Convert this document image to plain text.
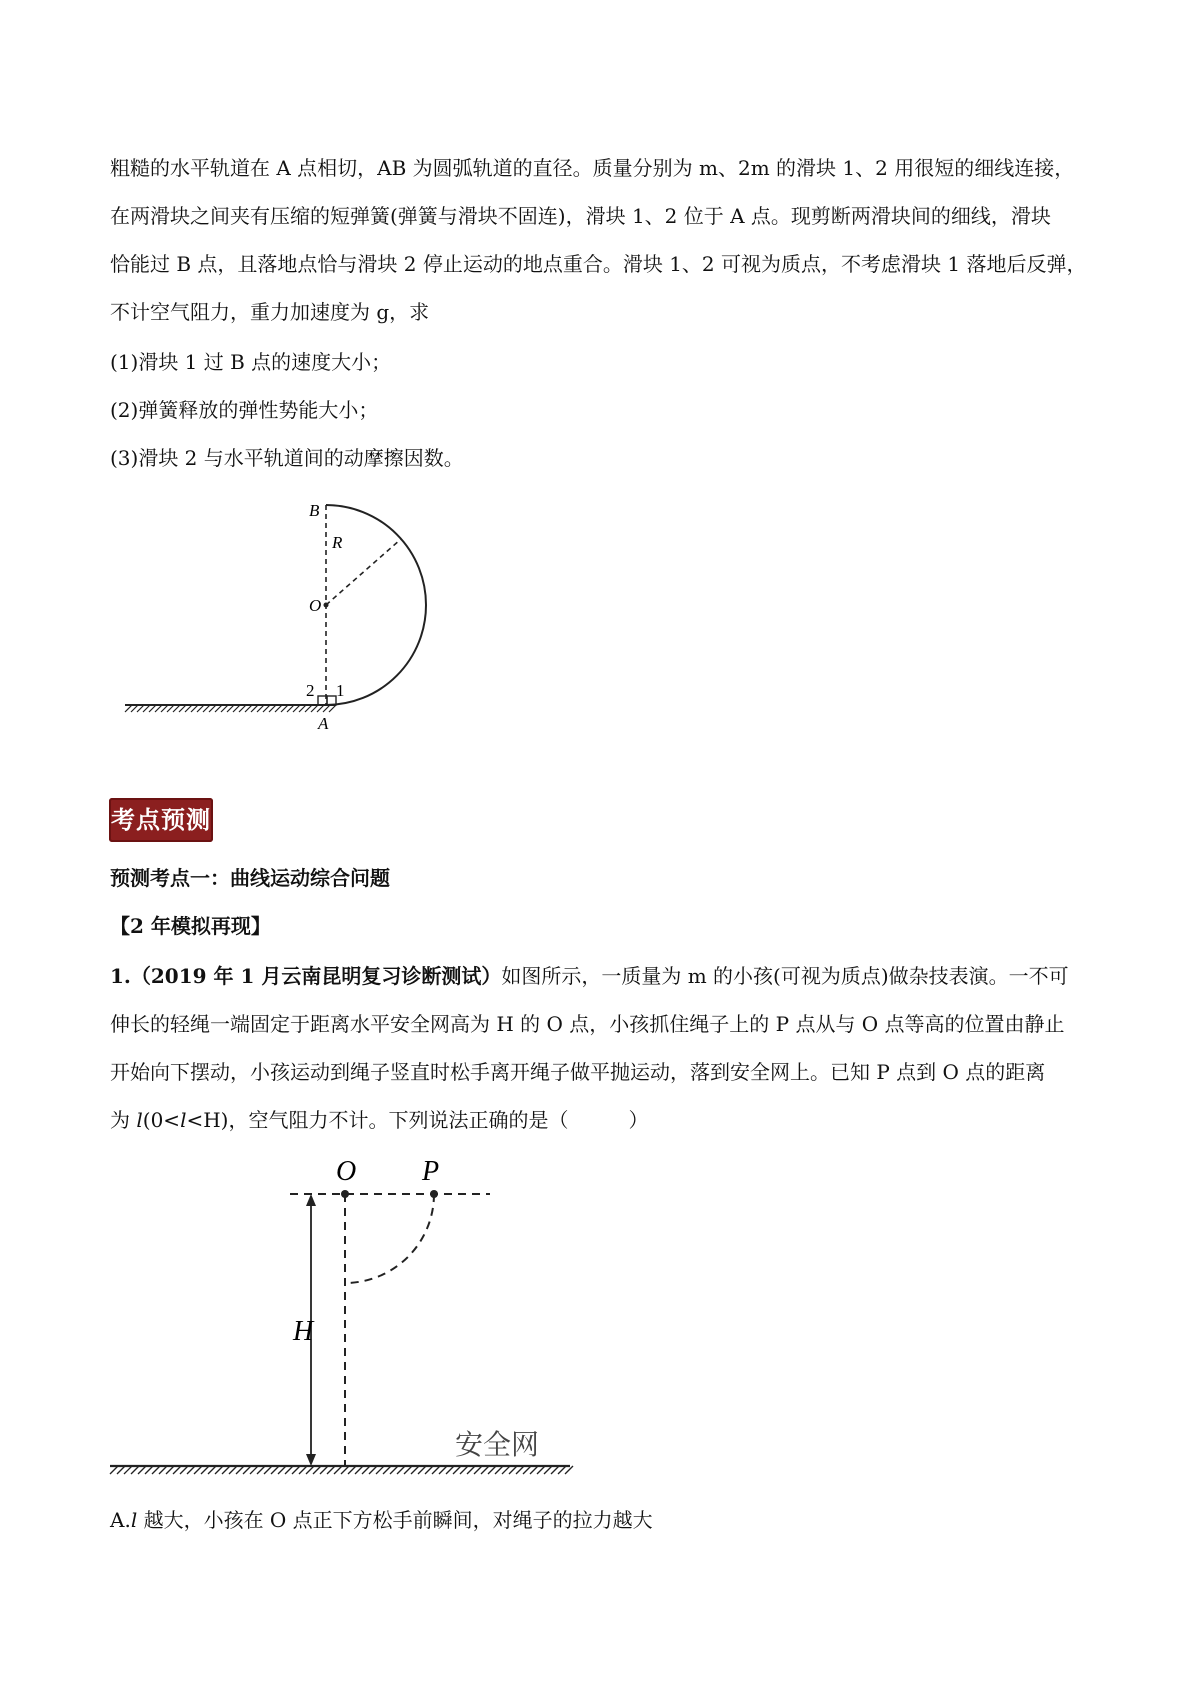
粗糙的水平轨道在 A 点相切，AB 为圆弧轨道的直径。质量分别为 m、2m 的滑块 1、2 用很短的细线连接，
在两滑块之间夹有压缩的短弹簧(弹簧与滑块不固连)，滑块 1、2 位于 A 点。现剪断两滑块间的细线，滑块
恰能过 B 点，且落地点恰与滑块 2 停止运动的地点重合。滑块 1、2 可视为质点，不考虑滑块 1 落地后反弹，
不计空气阻力，重力加速度为 g，求
(1)滑块 1 过 B 点的速度大小；
(2)弹簧释放的弹性势能大小；
(3)滑块 2 与水平轨道间的动摩擦因数。
B
R
O
2 1
A
考点预测
预测考点一：曲线运动综合问题
【2 年模拟再现】
1.（2019 年 1 月云南昆明复习诊断测试）如图所示，一质量为 m 的小孩(可视为质点)做杂技表演。一不可
伸长的轻绳一端固定于距离水平安全网高为 H 的 O 点，小孩抓住绳子上的 P 点从与 O 点等高的位置由静止
开始向下摆动，小孩运动到绳子竖直时松手离开绳子做平抛运动，落到安全网上。已知 P 点到 O 点的距离
为 l(0<l<H)，空气阻力不计。下列说法正确的是（　　　）
O P
H
安全网
A.l 越大，小孩在 O 点正下方松手前瞬间，对绳子的拉力越大
